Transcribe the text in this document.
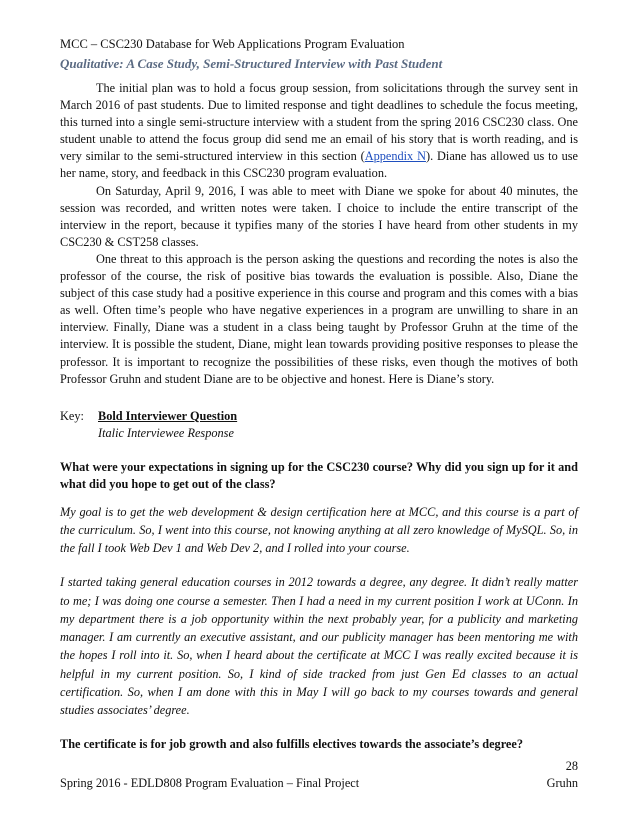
MCC – CSC230 Database for Web Applications Program Evaluation
Qualitative: A Case Study, Semi-Structured Interview with Past Student

The initial plan was to hold a focus group session, from solicitations through the survey sent in March 2016 of past students. Due to limited response and tight deadlines to schedule the focus meeting, this turned into a single semi-structure interview with a student from the spring 2016 CSC230 class. One student unable to attend the focus group did send me an email of his story that is worth reading, and is very similar to the semi-structured interview in this section (Appendix N). Diane has allowed us to use her name, story, and feedback in this CSC230 program evaluation.

On Saturday, April 9, 2016, I was able to meet with Diane we spoke for about 40 minutes, the session was recorded, and written notes were taken. I choice to include the entire transcript of the interview in the report, because it typifies many of the stories I have heard from other students in my CSC230 & CST258 classes.

One threat to this approach is the person asking the questions and recording the notes is also the professor of the course, the risk of positive bias towards the evaluation is possible. Also, Diane the subject of this case study had a positive experience in this course and program and this comes with a bias as well. Often time’s people who have negative experiences in a program are unwilling to share in an interview. Finally, Diane was a student in a class being taught by Professor Gruhn at the time of the interview. It is possible the student, Diane, might lean towards providing positive responses to please the professor. It is important to recognize the possibilities of these risks, even though the motives of both Professor Gruhn and student Diane are to be objective and honest. Here is Diane’s story.

Key:	Bold Interviewer Question
Italic Interviewee Response
What were your expectations in signing up for the CSC230 course? Why did you sign up for it and what did you hope to get out of the class?
My goal is to get the web development & design certification here at MCC, and this course is a part of the curriculum. So, I went into this course, not knowing anything at all zero knowledge of MySQL. So, in the fall I took Web Dev 1 and Web Dev 2, and I rolled into your course.
I started taking general education courses in 2012 towards a degree, any degree. It didn’t really matter to me; I was doing one course a semester. Then I had a need in my current position I work at UConn. In my department there is a job opportunity within the next probably year, for a publicity and marketing manager. I am currently an executive assistant, and our publicity manager has been mentoring me with the hopes I roll into it. So, when I heard about the certificate at MCC I was really excited because it is helpful in my current position. So, I kind of side tracked from just Gen Ed classes to an actual certification. So, when I am done with this in May I will go back to my courses towards and general studies associates’ degree.
The certificate is for job growth and also fulfills electives towards the associate’s degree?
28
Spring 2016 - EDLD808 Program Evaluation – Final Project	Gruhn
